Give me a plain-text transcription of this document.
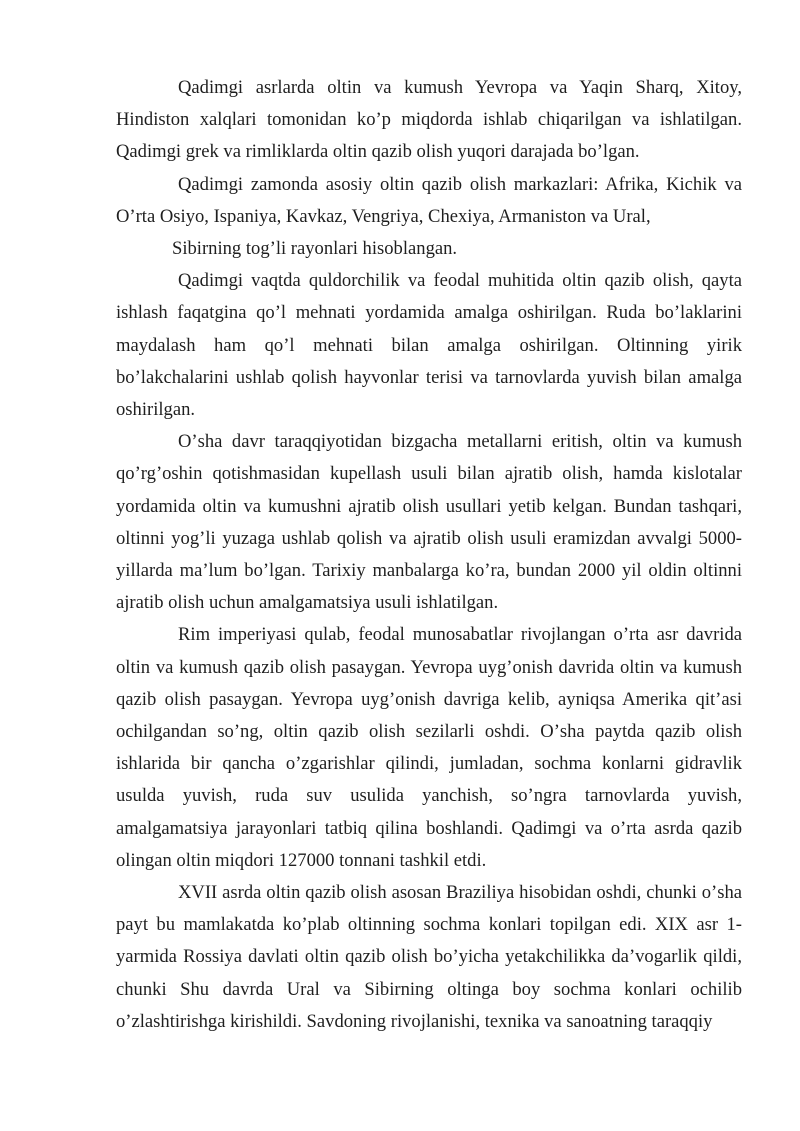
Qadimgi asrlarda oltin va kumush Yevropa va Yaqin Sharq, Xitoy, Hindiston xalqlari tomonidan koʼp miqdorda ishlab chiqarilgan va ishlatilgan. Qadimgi grek va rimliklarda oltin qazib olish yuqori darajada boʼlgan.

Qadimgi zamonda asosiy oltin qazib olish markazlari: Afrika, Kichik va Oʼrta Osiyo, Ispaniya, Kavkaz, Vengriya, Chexiya, Armaniston va Ural,

Sibirning togʼli rayonlari hisoblangan.

Qadimgi vaqtda quldorchilik va feodal muhitida oltin qazib olish, qayta ishlash faqatgina qoʼl mehnati yordamida amalga oshirilgan. Ruda boʼlaklarini maydalash ham qoʼl mehnati bilan amalga oshirilgan. Oltinning yirik boʼlakchalarini ushlab qolish hayvonlar terisi va tarnovlarda yuvish bilan amalga oshirilgan.

Oʼsha davr taraqqiyotidan bizgacha metallarni eritish, oltin va kumush qoʼrgʼoshin qotishmasidan kupellash usuli bilan ajratib olish, hamda kislotalar yordamida oltin va kumushni ajratib olish usullari yetib kelgan. Bundan tashqari, oltinni yogʼli yuzaga ushlab qolish va ajratib olish usuli eramizdan avvalgi 5000-yillarda maʼlum boʼlgan. Tarixiy manbalarga koʼra, bundan 2000 yil oldin oltinni ajratib olish uchun amalgamatsiya usuli ishlatilgan.

Rim imperiyasi qulab, feodal munosabatlar rivojlangan oʼrta asr davrida oltin va kumush qazib olish pasaygan. Yevropa uygʼonish davrida oltin va kumush qazib olish pasaygan. Yevropa uygʼonish davriga kelib, ayniqsa Amerika qitʼasi ochilgandan soʼng, oltin qazib olish sezilarli oshdi. Oʼsha paytda qazib olish ishlarida bir qancha oʼzgarishlar qilindi, jumladan, sochma konlarni gidravlik usulda yuvish, ruda suv usulida yanchish, soʼngra tarnovlarda yuvish, amalgamatsiya jarayonlari tatbiq qilina boshlandi. Qadimgi va oʼrta asrda qazib olingan oltin miqdori 127000 tonnani tashkil etdi.

XVII asrda oltin qazib olish asosan Braziliya hisobidan oshdi, chunki oʼsha payt bu mamlakatda koʼplab oltinning sochma konlari topilgan edi. XIX asr 1-yarmida Rossiya davlati oltin qazib olish boʼyicha yetakchilikka daʼvogarlik qildi, chunki Shu davrda Ural va Sibirning oltinga boy sochma konlari ochilib oʼzlashtirishga kirishildi. Savdoning rivojlanishi, texnika va sanoatning taraqqiy
